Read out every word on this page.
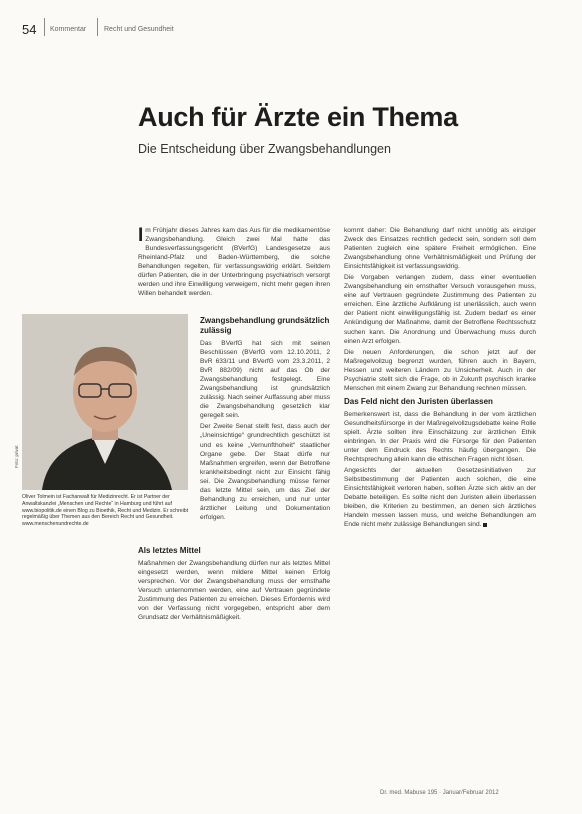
54 Kommentar	Recht und Gesundheit
Auch für Ärzte ein Thema
Die Entscheidung über Zwangsbehandlungen
Foto: privat
Oliver Tolmein ist Fachanwalt für Medizinrecht. Er ist Partner der Anwaltskanzlei „Menschen und Rechte“ in Hamburg und führt auf www.biopolitik.de einen Blog zu Bioethik, Recht und Medizin. Er schreibt regelmäßig über Themen aus den Bereich Recht und Gesundheit. www.menschenundrechte.de
Im Frühjahr dieses Jahres kam das Aus für die medikamentöse Zwangsbehandlung. Gleich zwei Mal hatte das Bundesverfassungsgericht (BVerfG) Landesgesetze aus Rheinland-Pfalz und Baden-Württemberg, die solche Behandlungen regelten, für verfassungswidrig erklärt. Seitdem dürfen Patienten, die in der Unterbringung psychiatrisch versorgt werden und ihre Einwilligung verweigern, nicht mehr gegen ihren Willen behandelt werden.
Zwangsbehandlung grundsätzlich zulässig

Das BVerfG hat sich mit seinen Beschlüssen (BVerfG vom 12.10.2011, 2 BvR 633/11 und BVerfG vom 23.3.2011, 2 BvR 882/09) nicht auf das Ob der Zwangsbehandlung festgelegt. Eine Zwangsbehandlung ist grundsätzlich zulässig. Nach seiner Auffassung aber muss die Zwangsbehandlung gesetzlich klar geregelt sein.

Der Zweite Senat stellt fest, dass auch der „Uneinsichtige“ grundrechtlich geschützt ist und es keine „Vernunfthoheit“ staatlicher Organe gebe. Der Staat dürfe nur Maßnahmen ergreifen, wenn der Betroffene krankheitsbedingt nicht zur Einsicht fähig sei. Die Zwangsbehandlung müsse ferner das letzte Mittel sein, um das Ziel der Behandlung zu erreichen, und nur unter ärztlicher Leitung und Dokumentation erfolgen.

Als letztes Mittel

Maßnahmen der Zwangsbehandlung dürfen nur als letztes Mittel eingesetzt werden, wenn mildere Mittel keinen Erfolg versprechen. Vor der Zwangsbehandlung muss der ernsthafte Versuch unternommen werden, eine auf Vertrauen gegründete Zustimmung des Patienten zu erreichen. Dieses Erfordernis wird von der Verfassung nicht vorgegeben, entspricht aber dem Grundsatz der Verhältnismäßigkeit.

kommt daher: Die Behandlung darf nicht unnötig als einziger Zweck des Einsatzes rechtlich gedeckt sein, sondern soll dem Patienten zugleich eine spätere Freiheit ermöglichen. Eine Zwangsbehandlung ohne Verhältnismäßigkeit und Prüfung der Einsichtsfähigkeit ist verfassungswidrig.

Die Vorgaben verlangen zudem, dass einer eventuellen Zwangsbehandlung ein ernsthafter Versuch vorausgehen muss, eine auf Vertrauen gegründete Zustimmung des Patienten zu erreichen. Eine ärztliche Aufklärung ist unerlässlich, auch wenn der Patient nicht einwilligungsfähig ist. Zudem bedarf es einer Ankündigung der Maßnahme, damit der Betroffene Rechtsschutz suchen kann. Die Anordnung und Überwachung muss durch einen Arzt erfolgen.

Die neuen Anforderungen, die schon jetzt auf der Maßregelvollzug begrenzt wurden, führen auch in Bayern, Hessen und weiteren Ländern zu Unsicherheit. Auch in der Psychiatrie stellt sich die Frage, ob in Zukunft psychisch kranke Menschen mit einem Zwang zur Behandlung rechnen müssen.

Das Feld nicht den Juristen überlassen

Bemerkenswert ist, dass die Behandlung in der vom ärztlichen Gesundheitsfürsorge in der Maßregelvollzugsdebatte keine Rolle spielt. Ärzte sollten ihre Einschätzung zur ärztlichen Ethik einbringen. In der Praxis wird die Fürsorge für den Patienten unter dem Eindruck des Rechts häufig übergangen. Die Rechtsprechung allein kann die ethischen Fragen nicht lösen.

Angesichts der aktuellen Gesetzesinitiativen zur Selbstbestimmung der Patienten auch solchen, die eine Einsichtsfähigkeit verloren haben, sollten Ärzte sich aktiv an der Debatte beteiligen. Es sollte nicht den Juristen allein überlassen bleiben, die Kriterien zu bestimmen, an denen sich ärztliches Handeln messen lassen muss, und welche Behandlungen am Ende nicht mehr zulässige Behandlungen sind.

Dr. med. Mabuse 195 · Januar/Februar 2012
